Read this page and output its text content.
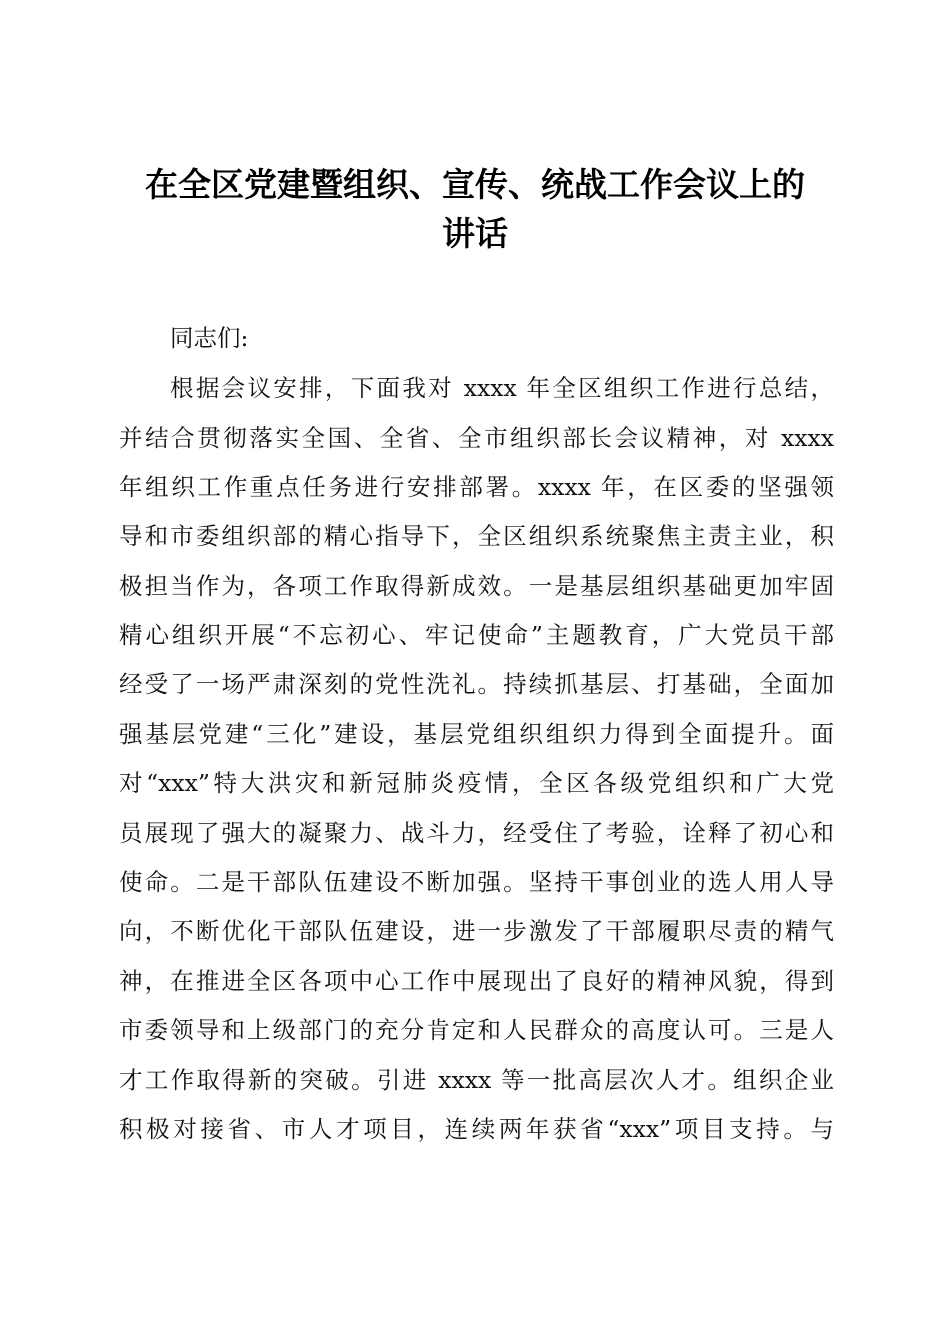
在全区党建暨组织、宣传、统战工作会议上的
讲话

同志们:

根据会议安排，下面我对 xxxx 年全区组织工作进行总结，

并结合贯彻落实全国、全省、全市组织部长会议精神，对 xxxx

年组织工作重点任务进行安排部署。xxxx 年，在区委的坚强领

导和市委组织部的精心指导下，全区组织系统聚焦主责主业，积

极担当作为，各项工作取得新成效。一是基层组织基础更加牢固

精心组织开展“不忘初心、牢记使命”主题教育，广大党员干部

经受了一场严肃深刻的党性洗礼。持续抓基层、打基础，全面加

强基层党建“三化”建设，基层党组织组织力得到全面提升。面

对“xxx”特大洪灾和新冠肺炎疫情，全区各级党组织和广大党

员展现了强大的凝聚力、战斗力，经受住了考验，诠释了初心和

使命。二是干部队伍建设不断加强。坚持干事创业的选人用人导

向，不断优化干部队伍建设，进一步激发了干部履职尽责的精气

神，在推进全区各项中心工作中展现出了良好的精神风貌，得到

市委领导和上级部门的充分肯定和人民群众的高度认可。三是人

才工作取得新的突破。引进 xxxx 等一批高层次人才。组织企业

积极对接省、市人才项目，连续两年获省“xxx”项目支持。与
